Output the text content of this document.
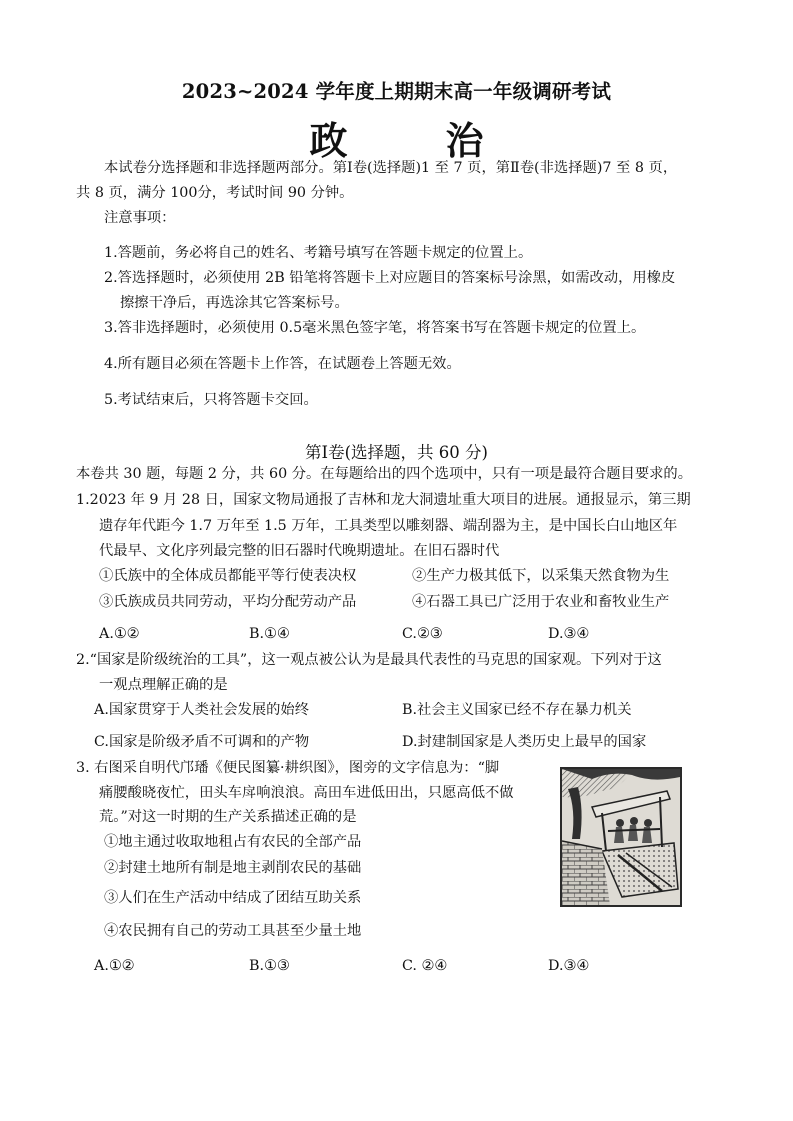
2023~2024 学年度上期期末高一年级调研考试
政　治
本试卷分选择题和非选择题两部分。第Ⅰ卷(选择题)1 至 7 页，第Ⅱ卷(非选择题)7 至 8 页，
共 8 页，满分 100分，考试时间 90 分钟。
注意事项：
1.答题前，务必将自己的姓名、考籍号填写在答题卡规定的位置上。
2.答选择题时，必须使用 2B 铅笔将答题卡上对应题目的答案标号涂黑，如需改动，用橡皮
擦擦干净后，再选涂其它答案标号。
3.答非选择题时，必须使用 0.5毫米黑色签字笔，将答案书写在答题卡规定的位置上。
4.所有题目必须在答题卡上作答，在试题卷上答题无效。
5.考试结束后，只将答题卡交回。
第Ⅰ卷(选择题，共 60 分)
本卷共 30 题，每题 2 分，共 60 分。在每题给出的四个选项中，只有一项是最符合题目要求的。
1.2023 年 9 月 28 日，国家文物局通报了吉林和龙大洞遗址重大项目的进展。通报显示，第三期
遗存年代距今 1.7 万年至 1.5 万年，工具类型以雕刻器、端刮器为主，是中国长白山地区年
代最早、文化序列最完整的旧石器时代晚期遗址。在旧石器时代
①氏族中的全体成员都能平等行使表决权	②生产力极其低下，以采集天然食物为生
③氏族成员共同劳动，平均分配劳动产品	④石器工具已广泛用于农业和畜牧业生产
A.①②	B.①④	C.②③	D.③④
2.“国家是阶级统治的工具”，这一观点被公认为是最具代表性的马克思的国家观。下列对于这
一观点理解正确的是
A.国家贯穿于人类社会发展的始终	B.社会主义国家已经不存在暴力机关
C.国家是阶级矛盾不可调和的产物	D.封建制国家是人类历史上最早的国家
3. 右图采自明代邝璠《便民图纂·耕织图》，图旁的文字信息为：“脚
痛腰酸晓夜忙，田头车戽响浪浪。高田车进低田出，只愿高低不做
荒。”对这一时期的生产关系描述正确的是
①地主通过收取地租占有农民的全部产品
②封建土地所有制是地主剥削农民的基础
③人们在生产活动中结成了团结互助关系
④农民拥有自己的劳动工具甚至少量土地
A.①②	B.①③	C. ②④	D.③④
